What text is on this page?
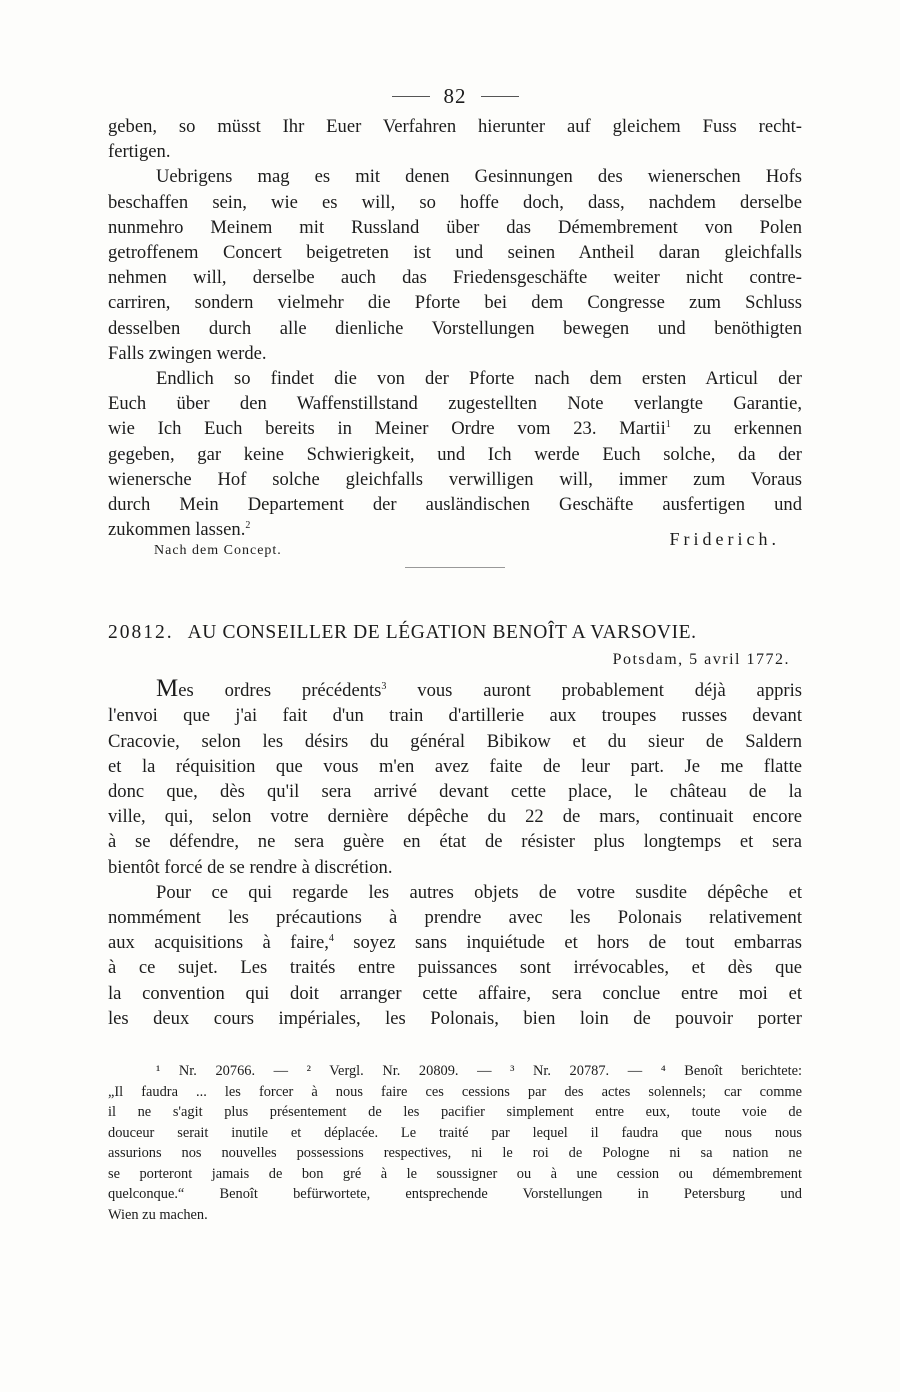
82

geben, so müsst Ihr Euer Verfahren hierunter auf gleichem Fuss recht-

fertigen.

Uebrigens mag es mit denen Gesinnungen des wienerschen Hofs

beschaffen sein, wie es will, so hoffe doch, dass, nachdem derselbe

nunmehro Meinem mit Russland über das Démembrement von Polen

getroffenem Concert beigetreten ist und seinen Antheil daran gleichfalls

nehmen will, derselbe auch das Friedensgeschäfte weiter nicht contre-

carriren, sondern vielmehr die Pforte bei dem Congresse zum Schluss

desselben durch alle dienliche Vorstellungen bewegen und benöthigten

Falls zwingen werde.

Endlich so findet die von der Pforte nach dem ersten Articul der

Euch über den Waffenstillstand zugestellten Note verlangte Garantie,

wie Ich Euch bereits in Meiner Ordre vom 23. Martii$^1$ zu erkennen

gegeben, gar keine Schwierigkeit, und Ich werde Euch solche, da der

wienersche Hof solche gleichfalls verwilligen will, immer zum Voraus

durch Mein Departement der ausländischen Geschäfte ausfertigen und

zukommen lassen.$^2$
Friderich.
Nach dem Concept.
20812. AU CONSEILLER DE LÉGATION BENOÎT A VARSOVIE.
Potsdam, 5 avril 1772.

Mes ordres précédents$^3$ vous auront probablement déjà appris

l'envoi que j'ai fait d'un train d'artillerie aux troupes russes devant

Cracovie, selon les désirs du général Bibikow et du sieur de Saldern

et la réquisition que vous m'en avez faite de leur part. Je me flatte

donc que, dès qu'il sera arrivé devant cette place, le château de la

ville, qui, selon votre dernière dépêche du 22 de mars, continuait encore

à se défendre, ne sera guère en état de résister plus longtemps et sera

bientôt forcé de se rendre à discrétion.

Pour ce qui regarde les autres objets de votre susdite dépêche et

nommément les précautions à prendre avec les Polonais relativement

aux acquisitions à faire,$^4$ soyez sans inquiétude et hors de tout embarras

à ce sujet. Les traités entre puissances sont irrévocables, et dès que

la convention qui doit arranger cette affaire, sera conclue entre moi et

les deux cours impériales, les Polonais, bien loin de pouvoir porter

¹ Nr. 20766. — ² Vergl. Nr. 20809. — ³ Nr. 20787. — ⁴ Benoît berichtete:

„Il faudra ... les forcer à nous faire ces cessions par des actes solennels; car comme

il ne s'agit plus présentement de les pacifier simplement entre eux, toute voie de

douceur serait inutile et déplacée. Le traité par lequel il faudra que nous nous

assurions nos nouvelles possessions respectives, ni le roi de Pologne ni sa nation ne

se porteront jamais de bon gré à le soussigner ou à une cession ou démembrement

quelconque.“ Benoît befürwortete, entsprechende Vorstellungen in Petersburg und

Wien zu machen.
